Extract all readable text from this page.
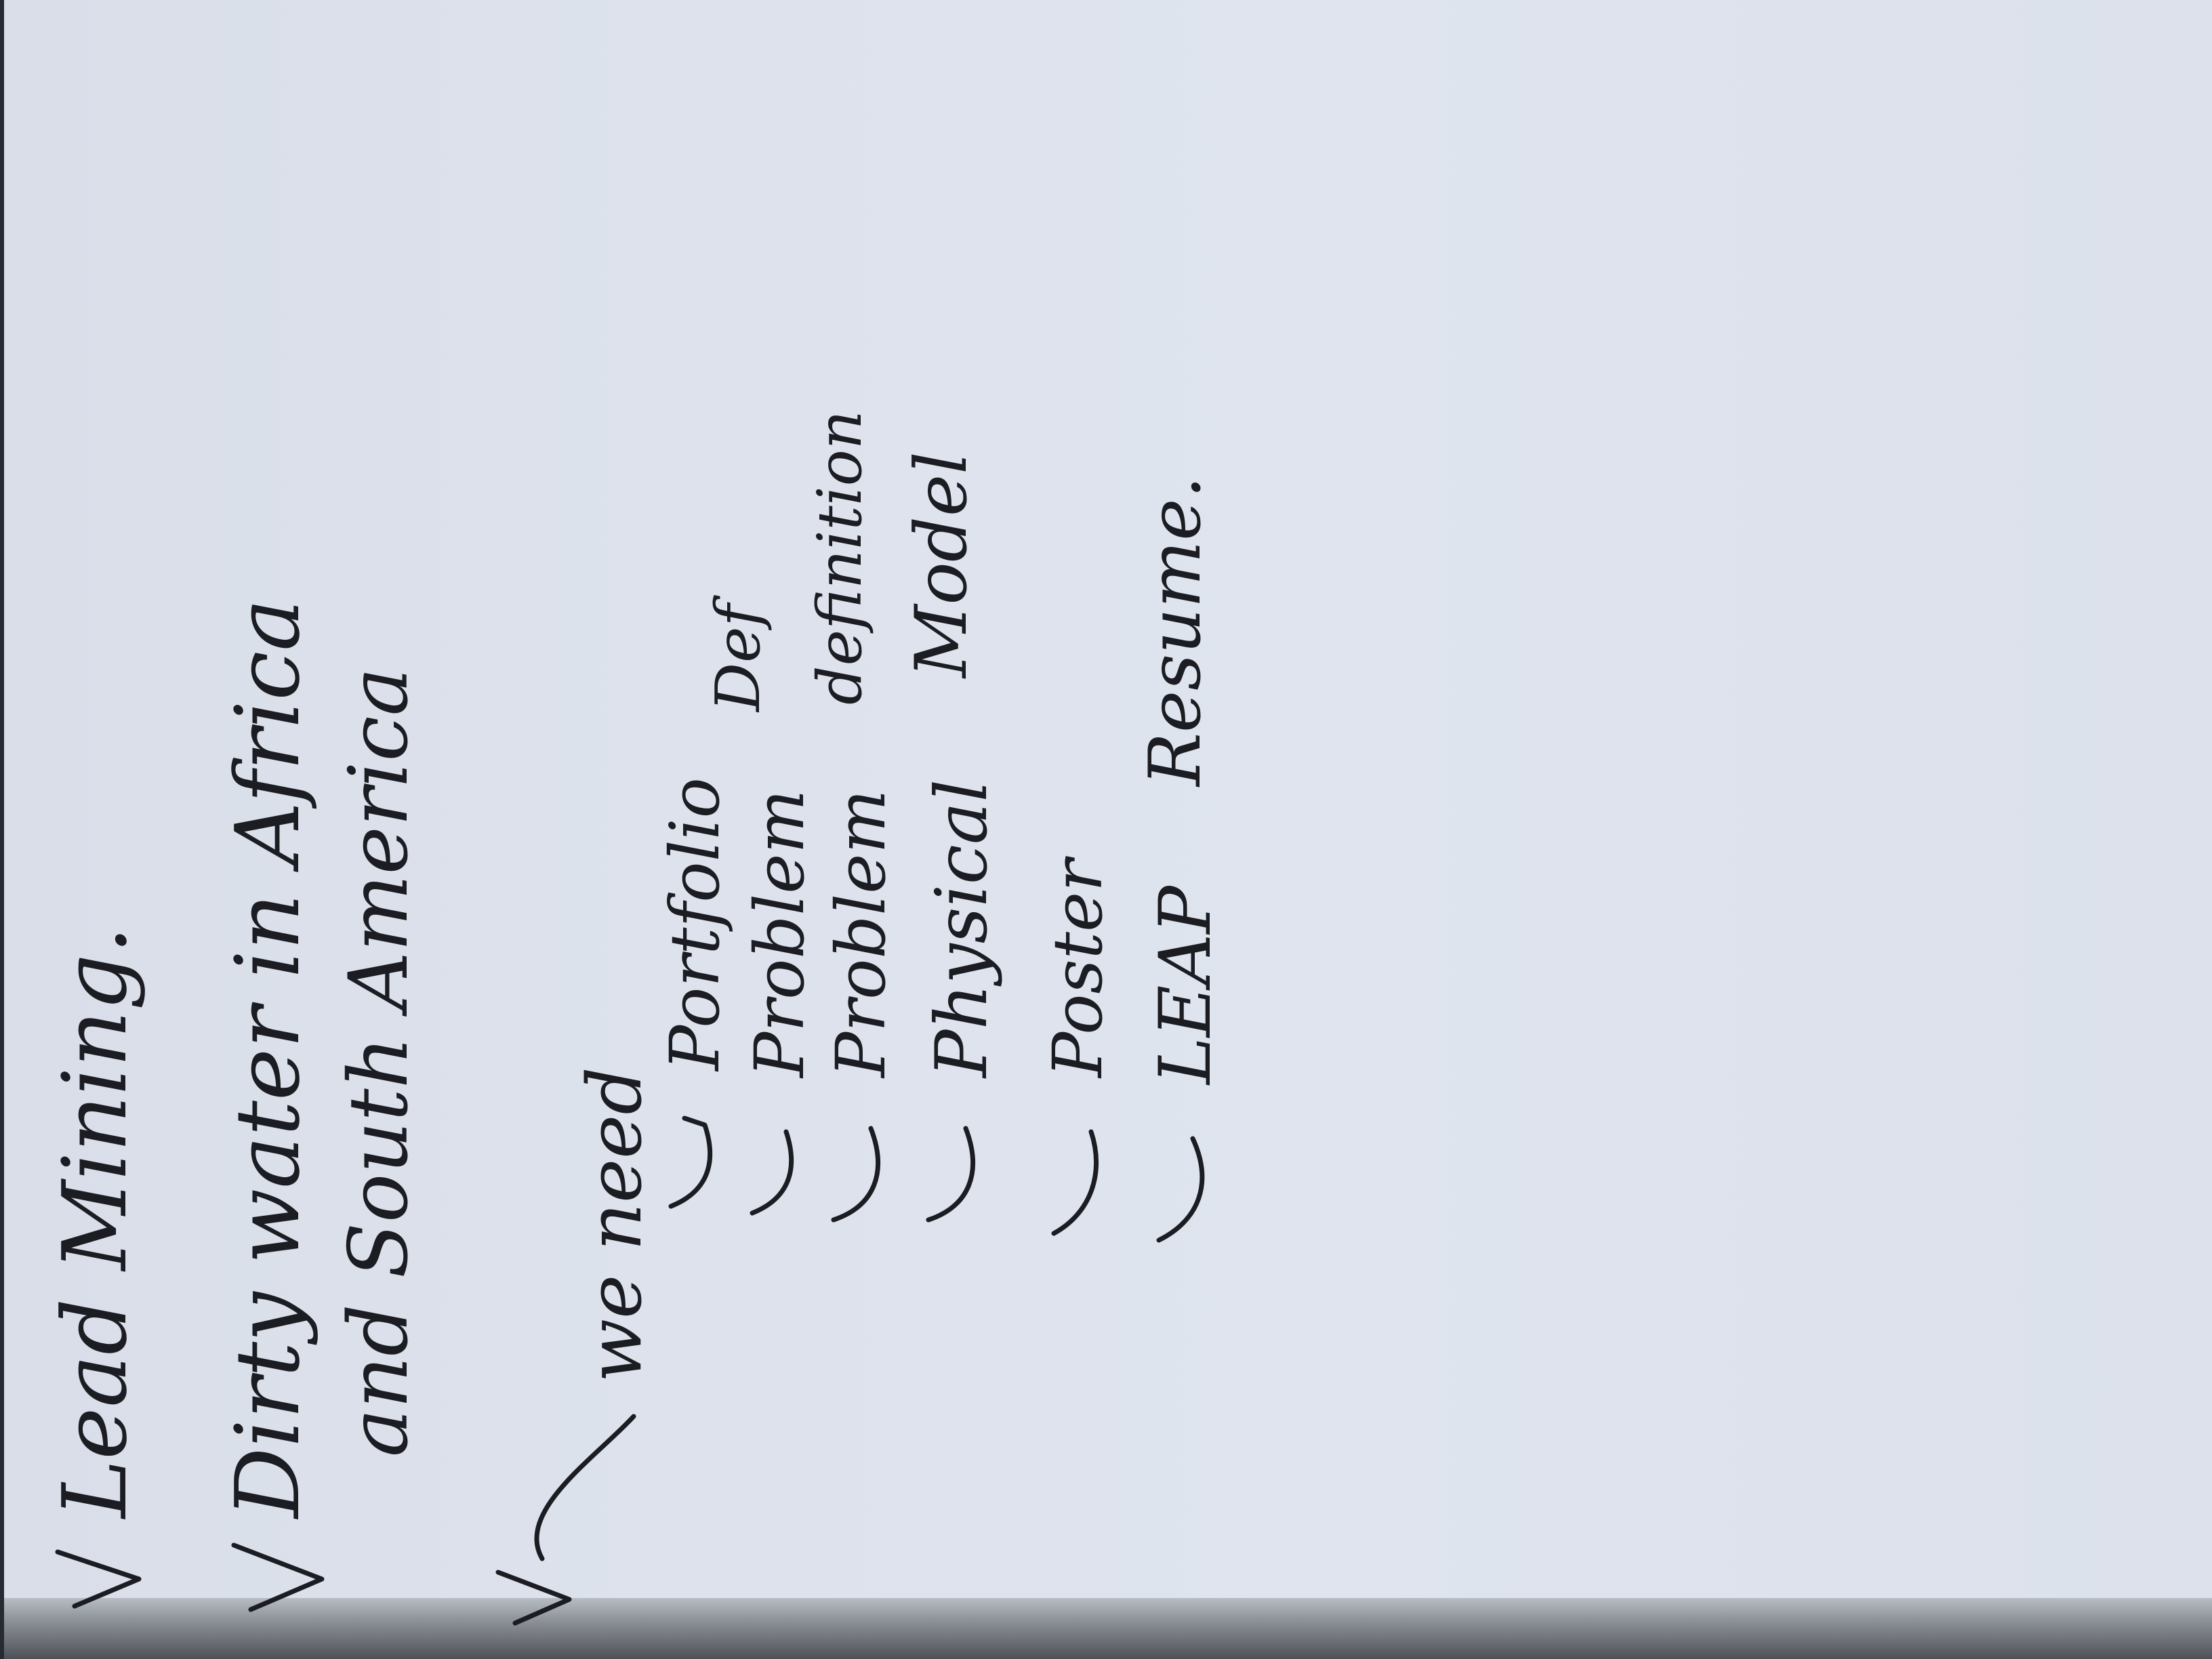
Lead Mining. Dirty water in Africa and South America we need
Portfolio Problem
Def
Problem
definition
Physical
Model
Poster LEAP
Resume.
